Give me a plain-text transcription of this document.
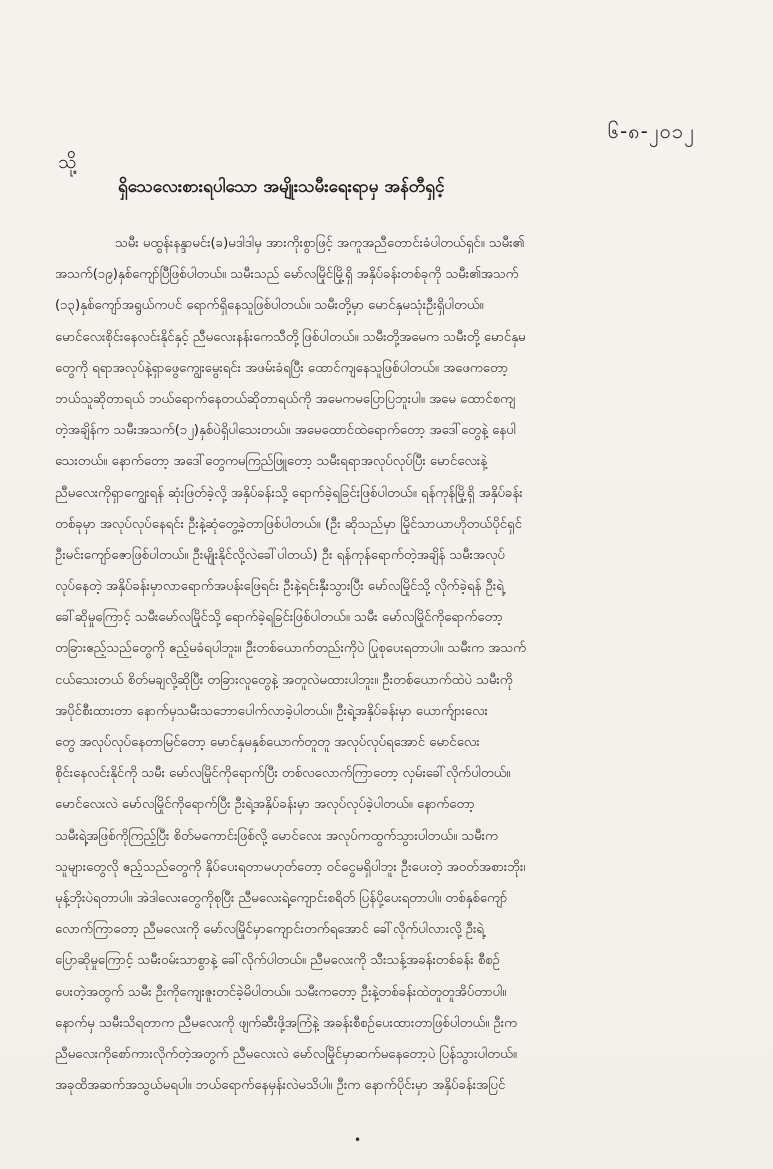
၆-၈-၂၀၁၂
သို့
ရှိသေလေးစားရပါသော အမျိုးသမီးရေးရာမှ အန်တီရှင့်
သမီး မထွန်းနန္ဒာမင်း(ခ)မဒါဒါမှ အားကိုးစွာဖြင့် အကူအညီတောင်းခံပါတယ်ရှင်။ သမီး၏
အသက်(၁၉)နှစ်ကျော်ပြီဖြစ်ပါတယ်။ သမီးသည် မော်လမြိုင်မြို့ရှိ အနှိပ်ခန်းတစ်ခုကို သမီး၏အသက်
(၁၃)နှစ်ကျော်အရွယ်ကပင် ရောက်ရှိနေသူဖြစ်ပါတယ်။ သမီးတို့မှာ မောင်နှမသုံးဦးရှိပါတယ်။
မောင်လေးစိုင်းနေလင်းနိုင်နှင့် ညီမလေးနန်းကေသီတို့ဖြစ်ပါတယ်။ သမီးတို့အမေက သမီးတို့ မောင်နှမ
တွေကို ရရာအလုပ်နဲ့ရှာဖွေကျွေးမွေးရင်း အဖမ်းခံရပြီး ထောင်ကျနေသူဖြစ်ပါတယ်။ အဖေကတော့
ဘယ်သူဆိုတာရယ် ဘယ်ရောက်နေတယ်ဆိုတာရယ်ကို အမေကမပြောပြဘူးပါ။ အမေ ထောင်စကျ
တဲ့အချိန်က သမီးအသက်(၁၂)နှစ်ပဲရှိပါသေးတယ်။ အမေထောင်ထဲရောက်တော့ အဒေါ်တွေနဲ့ နေပါ
သေးတယ်။ နောက်တော့ အဒေါ်တွေကမကြည်ဖြူတော့ သမီးရရာအလုပ်လုပ်ပြီး မောင်လေးနဲ့
ညီမလေးကိုရှာကျွေးရန် ဆုံးဖြတ်ခဲ့လို့ အနှိပ်ခန်းသို့ ရောက်ခဲ့ရခြင်းဖြစ်ပါတယ်။ ရန်ကုန်မြို့ရှိ အနှိပ်ခန်း
တစ်ခုမှာ အလုပ်လုပ်နေရင်း ဦးနဲ့ဆုံတွေ့ခဲ့တာဖြစ်ပါတယ်။ (ဦး ဆိုသည်မှာ မြိုင်သာယာဟိုတယ်ပိုင်ရှင်
ဦးမင်းကျော်ဇောဖြစ်ပါတယ်။ ဦးမျိုးနိုင်လို့လဲခေါ်ပါတယ်) ဦး ရန်ကုန်ရောက်တဲ့အချိန် သမီးအလုပ်
လုပ်နေတဲ့ အနှိပ်ခန်းမှာလာရောက်အပန်းဖြေရင်း ဦးနဲ့ရင်းနှီးသွားပြီး မော်လမြိုင်သို့ လိုက်ခဲ့ရန် ဦးရဲ့
ခေါ်ဆိုမှုကြောင့် သမီးမော်လမြိုင်သို့ ရောက်ခဲ့ရခြင်းဖြစ်ပါတယ်။ သမီး မော်လမြိုင်ကိုရောက်တော့
တခြားဧည့်သည်တွေကို ဧည့်မခံရပါဘူး။ ဦးတစ်ယောက်တည်းကိုပဲ ပြုစုပေးရတာပါ။ သမီးက အသက်
ငယ်သေးတယ် စိတ်မချလို့ဆိုပြီး တခြားလူတွေနဲ့ အတူလဲမထားပါဘူး။ ဦးတစ်ယောက်ထဲပဲ သမီးကို
အပိုင်စီးထားတာ နောက်မှသမီးသဘောပေါက်လာခဲ့ပါတယ်။ ဦးရဲ့အနှိပ်ခန်းမှာ ယောက်ျားလေး
တွေ အလုပ်လုပ်နေတာမြင်တော့ မောင်နှမနှစ်ယောက်တူတူ အလုပ်လုပ်ရအောင် မောင်လေး
စိုင်းနေလင်းနိုင်ကို သမီး မော်လမြိုင်ကိုရောက်ပြီး တစ်လလောက်ကြာတော့ လှမ်းခေါ်လိုက်ပါတယ်။
မောင်လေးလဲ မော်လမြိုင်ကိုရောက်ပြီး ဦးရဲ့အနှိပ်ခန်းမှာ အလုပ်လုပ်ခဲ့ပါတယ်။ နောက်တော့
သမီးရဲ့အဖြစ်ကိုကြည့်ပြီး စိတ်မကောင်းဖြစ်လို့ မောင်လေး အလုပ်ကထွက်သွားပါတယ်။ သမီးက
သူများတွေလို ဧည့်သည်တွေကို နှိပ်ပေးရတာမဟုတ်တော့ ဝင်ငွေမရှိပါဘူး ဦးပေးတဲ့ အဝတ်အစားဘိုး၊
မုန့်ဘိုးပဲရတာပါ။ အဲဒါလေးတွေကိုစုပြီး ညီမလေးရဲ့ကျောင်းစရိတ် ပြန်ပို့ပေးရတာပါ။ တစ်နှစ်ကျော်
လောက်ကြာတော့ ညီမလေးကို မော်လမြိုင်မှာကျောင်းတက်ရအောင် ခေါ်လိုက်ပါလားလို့ ဦးရဲ့
ပြောဆိုမှုကြောင့် သမီးဝမ်းသာစွာနဲ့ ခေါ်လိုက်ပါတယ်။ ညီမလေးကို သီးသန့်အခန်းတစ်ခန်း စီစဉ်
ပေးတဲ့အတွက် သမီး ဦးကိုကျေးဇူးတင်ခဲ့မိပါတယ်။ သမီးကတော့ ဦးနဲ့တစ်ခန်းထဲတူတူအိပ်တာပါ။
နောက်မှ သမီးသိရတာက ညီမလေးကို ဖျက်ဆီးဖို့အကြံနဲ့ အခန်းစီစဉ်ပေးထားတာဖြစ်ပါတယ်။ ဦးက
ညီမလေးကိုစော်ကားလိုက်တဲ့အတွက် ညီမလေးလဲ မော်လမြိုင်မှာဆက်မနေတော့ပဲ ပြန်သွားပါတယ်။
အခုထိအဆက်အသွယ်မရပါ။ ဘယ်ရောက်နေမှန်းလဲမသိပါ။ ဦးက နောက်ပိုင်းမှာ အနှိပ်ခန်းအပြင်
•
